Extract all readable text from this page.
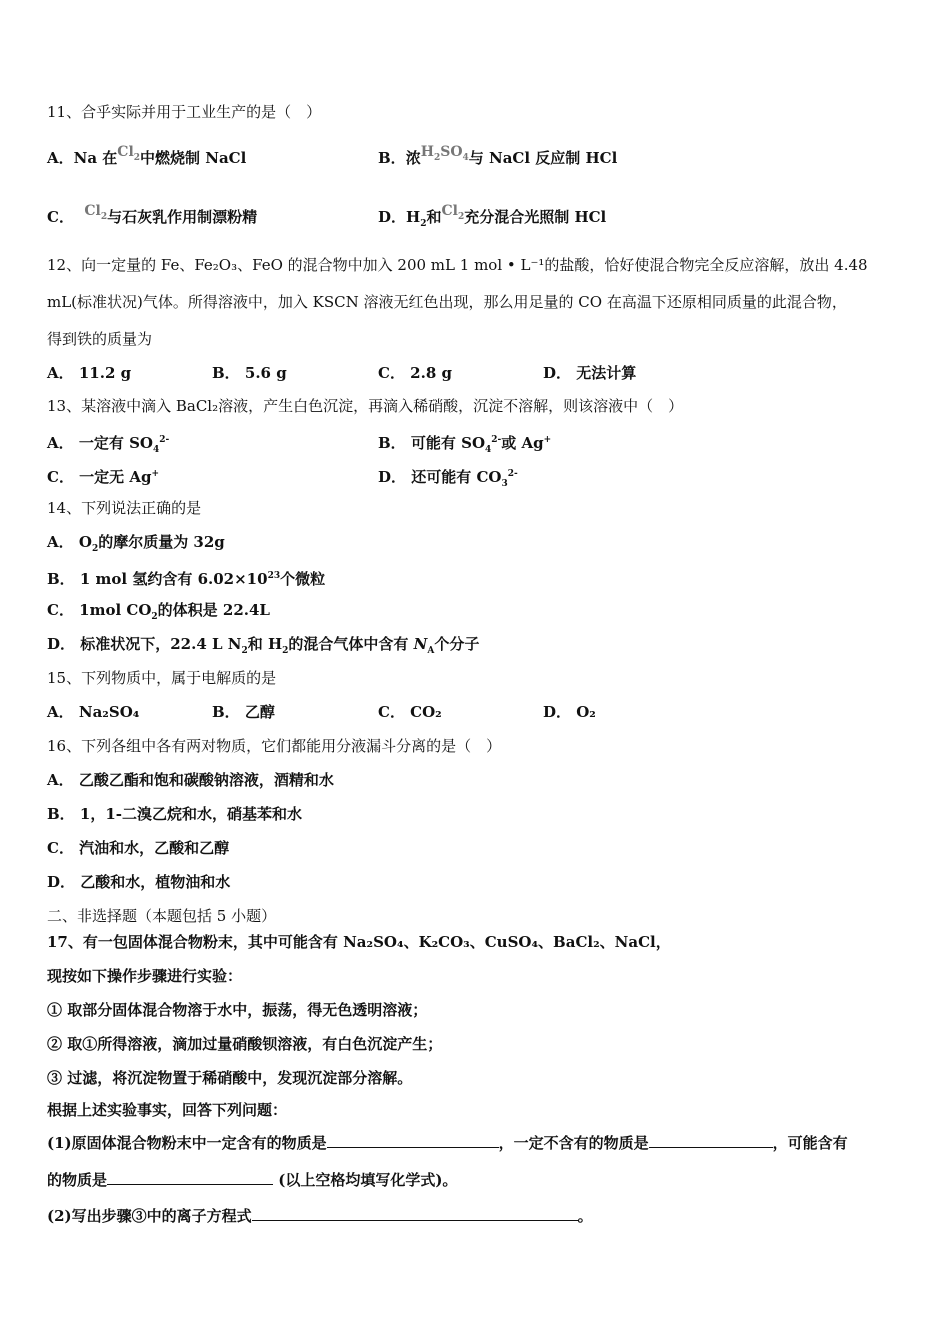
11、合乎实际并用于工业生产的是（　）
A．Na 在$Cl_2$中燃烧制 NaCl	B．浓$H_2SO_4$与 NaCl 反应制 HCl
C． $Cl_2$与石灰乳作用制漂粉精	D．$H_2$和$Cl_2$充分混合光照制 HCl
12、向一定量的 Fe、Fe₂O₃、FeO 的混合物中加入 200 mL 1 mol • L⁻¹的盐酸，恰好使混合物完全反应溶解，放出 4.48
mL(标准状况)气体。所得溶液中，加入 KSCN 溶液无红色出现，那么用足量的 CO 在高温下还原相同质量的此混合物，
得到铁的质量为
A． 11.2 g	B． 5.6 g	C． 2.8 g	D． 无法计算
13、某溶液中滴入 BaCl₂溶液，产生白色沉淀，再滴入稀硝酸，沉淀不溶解，则该溶液中（　）
A． 一定有 $SO_4^{2-}$	B． 可能有 $SO_4^{2-}$或 Ag+
C． 一定无 Ag+	D． 还可能有 $CO_3^{2-}$
14、下列说法正确的是
A． $O_2$的摩尔质量为 32g
B． 1 mol 氢约含有 $6.02\times 10^{23}$个微粒
C． 1mol $CO_2$的体积是 22.4L
D． 标准状况下，22.4 L $N_2$和 $H_2$的混合气体中含有 $N_A$个分子
15、下列物质中，属于电解质的是
A． Na₂SO₄	B． 乙醇	C． CO₂	D． O₂
16、下列各组中各有两对物质，它们都能用分液漏斗分离的是（　）
A． 乙酸乙酯和饱和碳酸钠溶液，酒精和水
B． 1，1-二溴乙烷和水，硝基苯和水
C． 汽油和水，乙酸和乙醇
D． 乙酸和水，植物油和水
二、非选择题（本题包括 5 小题）
17、有一包固体混合物粉末，其中可能含有 Na₂SO₄、K₂CO₃、CuSO₄、BaCl₂、NaCl，
现按如下操作步骤进行实验：
① 取部分固体混合物溶于水中，振荡，得无色透明溶液；
② 取①所得溶液，滴加过量硝酸钡溶液，有白色沉淀产生；
③ 过滤，将沉淀物置于稀硝酸中，发现沉淀部分溶解。
根据上述实验事实，回答下列问题：
(1)原固体混合物粉末中一定含有的物质是	，一定不含有的物质是	，可能含有
的物质是	(以上空格均填写化学式)。
(2)写出步骤③中的离子方程式	。
